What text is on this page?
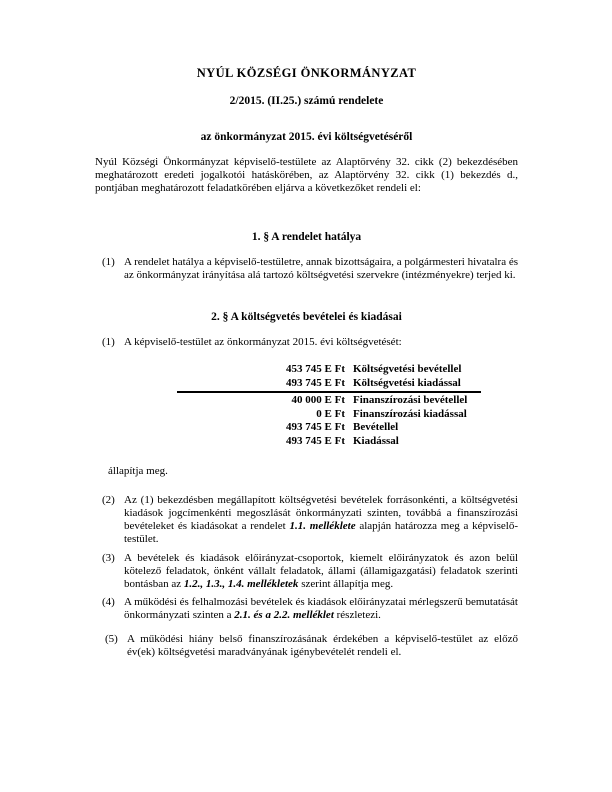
NYÚL KÖZSÉGI ÖNKORMÁNYZAT
2/2015. (II.25.) számú rendelete
az önkormányzat 2015. évi költségvetéséről

Nyúl Községi Önkormányzat képviselő-testülete az Alaptörvény 32. cikk (2) bekezdésében meghatározott eredeti jogalkotói hatáskörében, az Alaptörvény 32. cikk (1) bekezdés d., pontjában meghatározott feladatkörében eljárva a következőket rendeli el:

1. § A rendelet hatálya
(1) A rendelet hatálya a képviselő-testületre, annak bizottságaira, a polgármesteri hivatalra és az önkormányzat irányítása alá tartozó költségvetési szervekre (intézményekre) terjed ki.
2. § A költségvetés bevételei és kiadásai
(1) A képviselő-testület az önkormányzat 2015. évi költségvetését:
453 745 E Ft Költségvetési bevétellel
493 745 E Ft Költségvetési kiadással
40 000 E Ft Finanszírozási bevétellel
0 E Ft Finanszírozási kiadással
493 745 E Ft Bevétellel
493 745 E Ft Kiadással
állapítja meg.
(2) Az (1) bekezdésben megállapított költségvetési bevételek forrásonkénti, a költségvetési kiadások jogcímenkénti megoszlását önkormányzati szinten, továbbá a finanszírozási bevételeket és kiadásokat a rendelet 1.1. melléklete alapján határozza meg a képviselő-testület.
(3) A bevételek és kiadások előirányzat-csoportok, kiemelt előirányzatok és azon belül kötelező feladatok, önként vállalt feladatok, állami (államigazgatási) feladatok szerinti bontásban az 1.2., 1.3., 1.4. mellékletek szerint állapítja meg.
(4) A működési és felhalmozási bevételek és kiadások előirányzatai mérlegszerű bemutatását önkormányzati szinten a 2.1. és a 2.2. melléklet részletezi.
(5) A működési hiány belső finanszírozásának érdekében a képviselő-testület az előző év(ek) költségvetési maradványának igénybevételét rendeli el.
